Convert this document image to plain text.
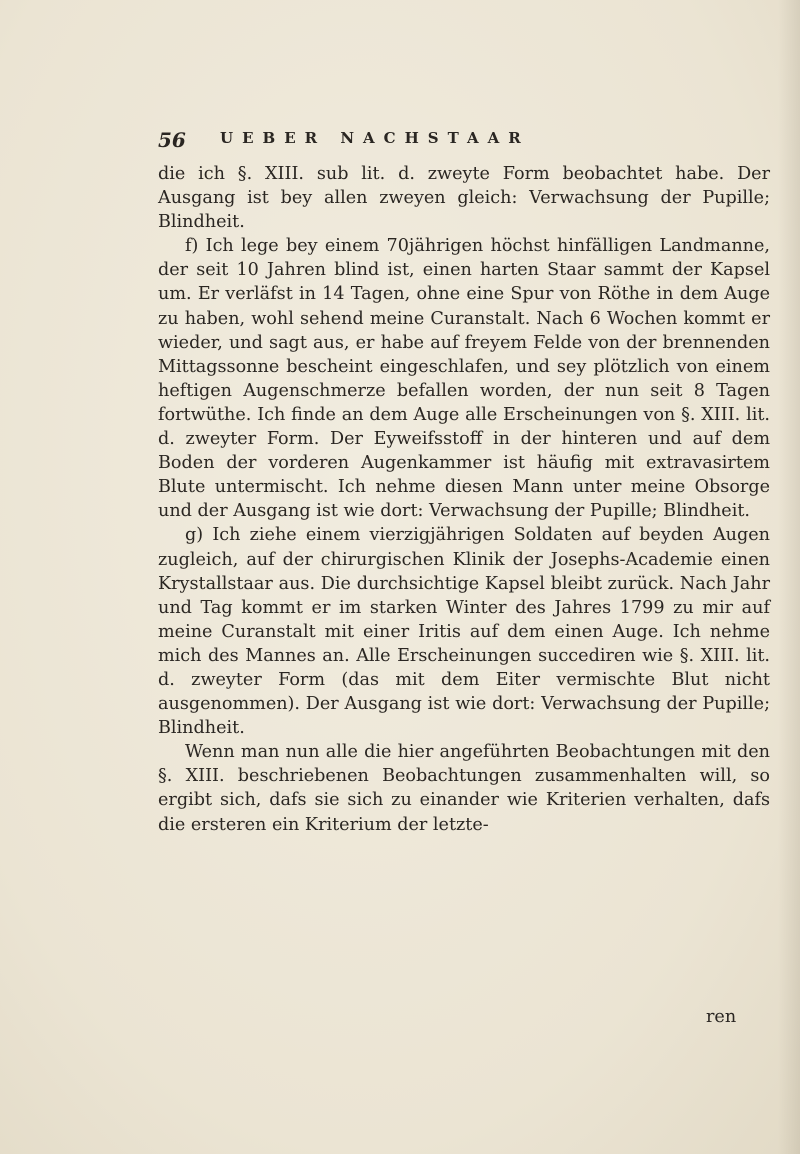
56 UEBER NACHSTAAR

die ich §. XIII. sub lit. d. zweyte Form beobachtet habe. Der Ausgang ist bey allen zweyen gleich: Verwachsung der Pupille; Blindheit.

f) Ich lege bey einem 70jährigen höchst hinfälligen Landmanne, der seit 10 Jahren blind ist, einen harten Staar sammt der Kapsel um. Er verläfst in 14 Tagen, ohne eine Spur von Röthe in dem Auge zu haben, wohl sehend meine Curanstalt. Nach 6 Wochen kommt er wieder, und sagt aus, er habe auf freyem Felde von der brennenden Mittagssonne bescheint eingeschlafen, und sey plötzlich von einem heftigen Augenschmerze befallen worden, der nun seit 8 Tagen fortwüthe. Ich finde an dem Auge alle Erscheinungen von §. XIII. lit. d. zweyter Form. Der Eyweifsstoff in der hinteren und auf dem Boden der vorderen Augenkammer ist häufig mit extravasirtem Blute untermischt. Ich nehme diesen Mann unter meine Obsorge und der Ausgang ist wie dort: Verwachsung der Pupille; Blindheit.

g) Ich ziehe einem vierzigjährigen Soldaten auf beyden Augen zugleich, auf der chirurgischen Klinik der Josephs-Academie einen Krystallstaar aus. Die durchsichtige Kapsel bleibt zurück. Nach Jahr und Tag kommt er im starken Winter des Jahres 1799 zu mir auf meine Curanstalt mit einer Iritis auf dem einen Auge. Ich nehme mich des Mannes an. Alle Erscheinungen succediren wie §. XIII. lit. d. zweyter Form (das mit dem Eiter vermischte Blut nicht ausgenommen). Der Ausgang ist wie dort: Verwachsung der Pupille; Blindheit.

Wenn man nun alle die hier angeführten Beobachtungen mit den §. XIII. beschriebenen Beobachtungen zusammenhalten will, so ergibt sich, dafs sie sich zu einander wie Kriterien verhalten, dafs die ersteren ein Kriterium der letzte-

ren
